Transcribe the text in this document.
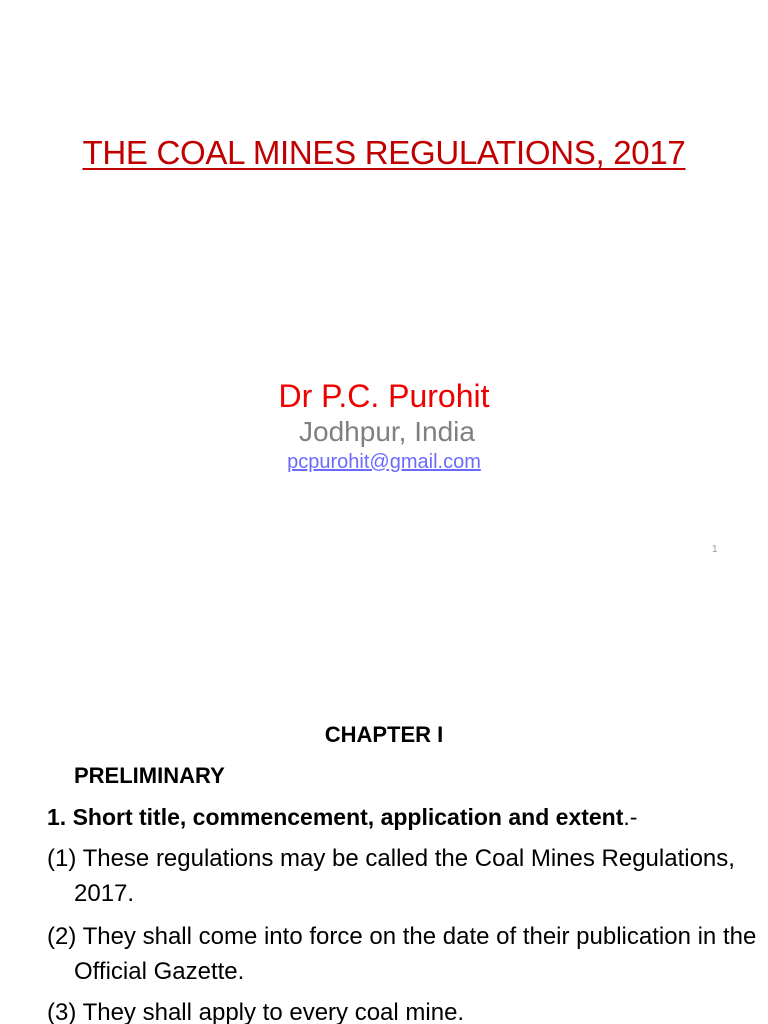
THE COAL MINES REGULATIONS, 2017
Dr P.C. Purohit
Jodhpur, India
pcpurohit@gmail.com
1
CHAPTER I
PRELIMINARY

1. Short title, commencement, application and extent.-

(1) These regulations may be called the Coal Mines Regulations, 2017.

(2) They shall come into force on the date of their publication in the Official Gazette.

(3) They shall apply to every coal mine.
